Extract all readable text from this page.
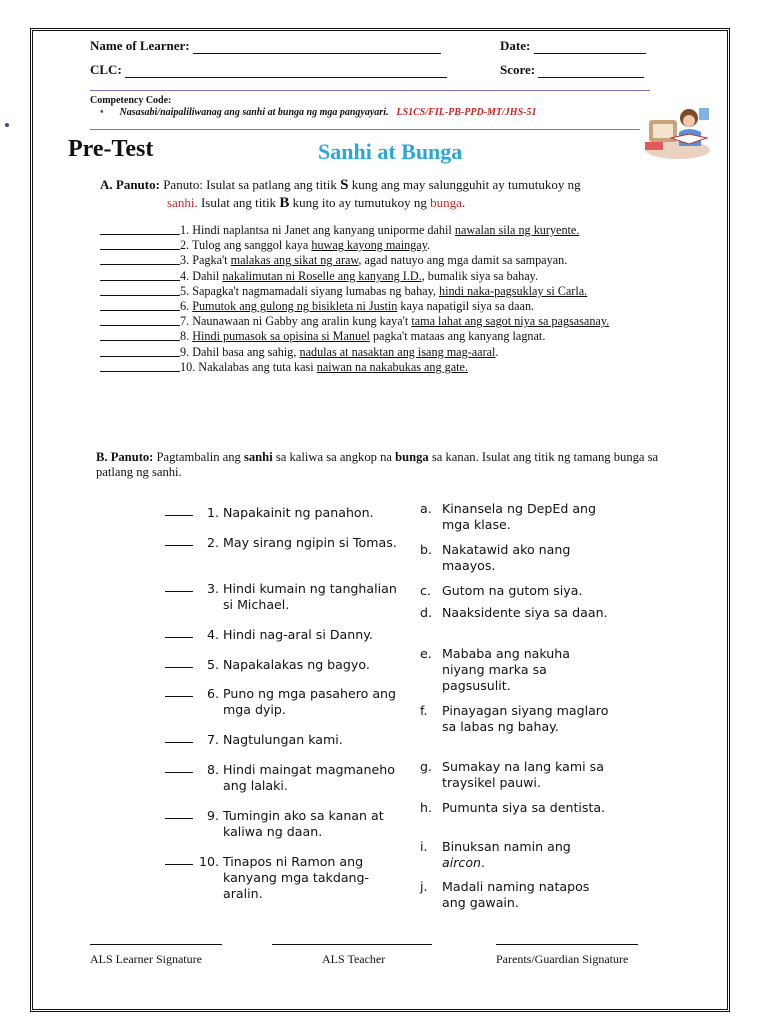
Name of Learner:	Date:
CLC:	Score:
Competency Code:
• Nasasabi/naipaliliwanag ang sanhi at bunga ng mga pangyayari. LS1CS/FIL-PB-PPD-MT/JHS-51
Pre-Test	Sanhi at Bunga
A. Panuto: Panuto: Isulat sa patlang ang titik S kung ang may salungguhit ay tumutukoy ng
sanhi. Isulat ang titik B kung ito ay tumutukoy ng bunga.
1. Hindi naplantsa ni Janet ang kanyang uniporme dahil nawalan sila ng kuryente.
2. Tulog ang sanggol kaya huwag kayong maingay.
3. Pagka't malakas ang sikat ng araw, agad natuyo ang mga damit sa sampayan.
4. Dahil nakalimutan ni Roselle ang kanyang I.D., bumalik siya sa bahay.
5. Sapagka't nagmamadali siyang lumabas ng bahay, hindi naka-pagsuklay si Carla.
6. Pumutok ang gulong ng bisikleta ni Justin kaya napatigil siya sa daan.
7. Naunawaan ni Gabby ang aralin kung kaya't tama lahat ang sagot niya sa pagsasanay.
8. Hindi pumasok sa opisina si Manuel pagka't mataas ang kanyang lagnat.
9. Dahil basa ang sahig, nadulas at nasaktan ang isang mag-aaral.
10. Nakalabas ang tuta kasi naiwan na nakabukas ang gate.
B. Panuto: Pagtambalin ang sanhi sa kaliwa sa angkop na bunga sa kanan. Isulat ang titik ng tamang bunga sa patlang ng sanhi.
1. Napakainit ng panahon.
2. May sirang ngipin si Tomas.
3. Hindi kumain ng tanghalian si Michael.
4. Hindi nag-aral si Danny.
5. Napakalakas ng bagyo.
6. Puno ng mga pasahero ang mga dyip.
7. Nagtulungan kami.
8. Hindi maingat magmaneho ang lalaki.
9. Tumingin ako sa kanan at kaliwa ng daan.
10. Tinapos ni Ramon ang kanyang mga takdang-aralin.
a. Kinansela ng DepEd ang mga klase.
b. Nakatawid ako nang maayos.
c. Gutom na gutom siya.
d. Naaksidente siya sa daan.
e. Mababa ang nakuha niyang marka sa pagsusulit.
f. Pinayagan siyang maglaro sa labas ng bahay.
g. Sumakay na lang kami sa traysikel pauwi.
h. Pumunta siya sa dentista.
i. Binuksan namin ang aircon.
j. Madali naming natapos ang gawain.
ALS Learner Signature	ALS Teacher	Parents/Guardian Signature
